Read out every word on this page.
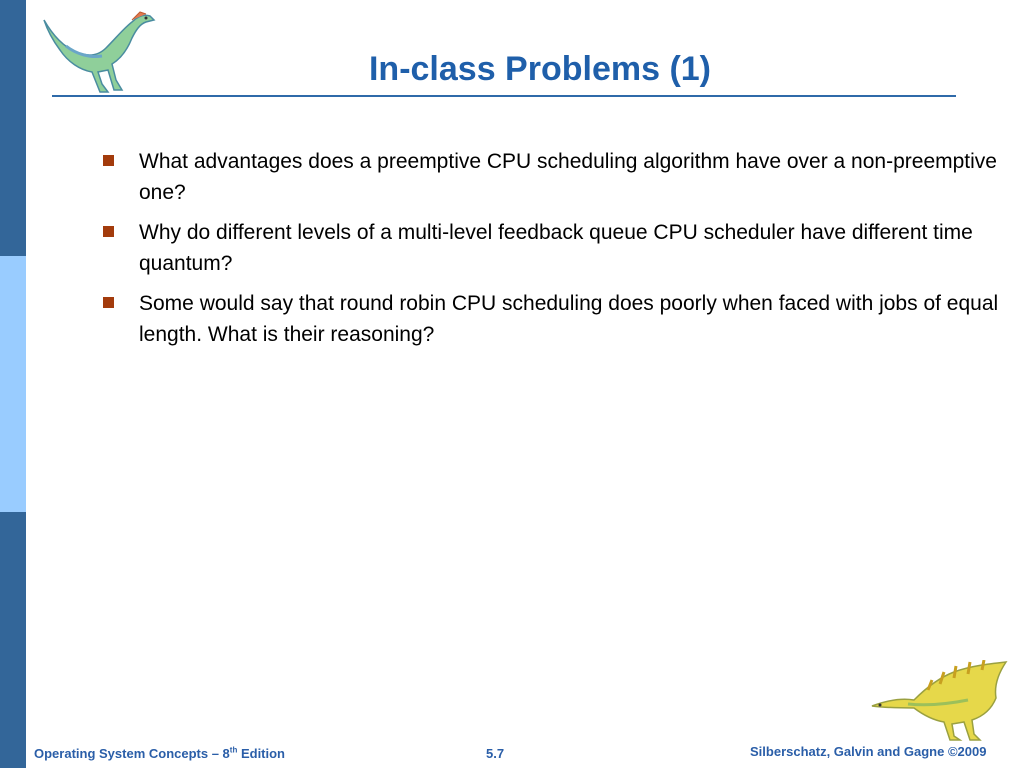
In-class Problems (1)
What advantages does a preemptive CPU scheduling algorithm have over a non-preemptive one?
Why do different levels of a multi-level feedback queue CPU scheduler have different time quantum?
Some would say that round robin CPU scheduling does poorly when faced with jobs of equal length. What is their reasoning?
Operating System Concepts – 8th Edition	5.7	Silberschatz, Galvin and Gagne ©2009
